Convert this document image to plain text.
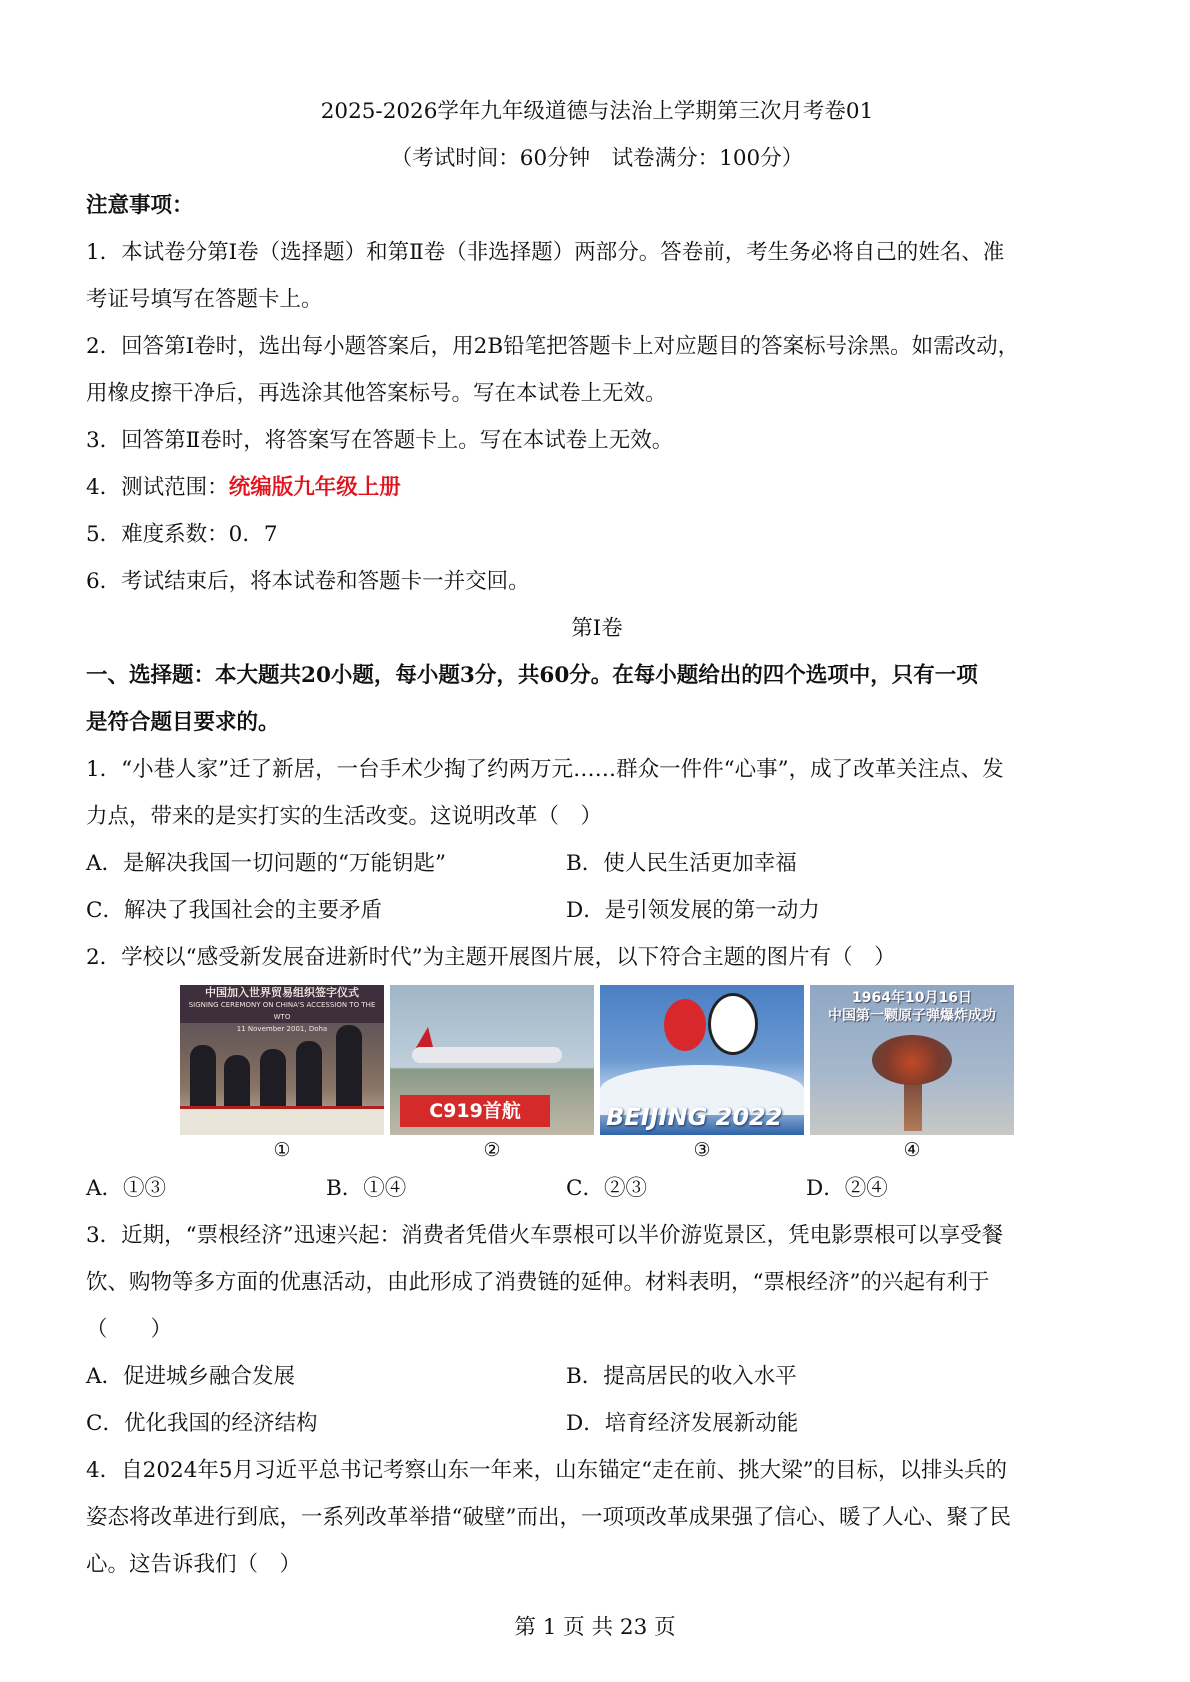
2025-2026学年九年级道德与法治上学期第三次月考卷01
（考试时间：60分钟　试卷满分：100分）
注意事项：
1．本试卷分第Ⅰ卷（选择题）和第Ⅱ卷（非选择题）两部分。答卷前，考生务必将自己的姓名、准
考证号填写在答题卡上。
2．回答第Ⅰ卷时，选出每小题答案后，用2B铅笔把答题卡上对应题目的答案标号涂黑。如需改动，
用橡皮擦干净后，再选涂其他答案标号。写在本试卷上无效。
3．回答第Ⅱ卷时，将答案写在答题卡上。写在本试卷上无效。
4．测试范围：统编版九年级上册
5．难度系数：0．7
6．考试结束后，将本试卷和答题卡一并交回。
第Ⅰ卷
一、选择题：本大题共20小题，每小题3分，共60分。在每小题给出的四个选项中，只有一项
是符合题目要求的。
1．“小巷人家”迁了新居，一台手术少掏了约两万元……群众一件件“心事”，成了改革关注点、发
力点，带来的是实打实的生活改变。这说明改革（　）
A．是解决我国一切问题的“万能钥匙”	B．使人民生活更加幸福
C．解决了我国社会的主要矛盾	D．是引领发展的第一动力
2．学校以“感受新发展奋进新时代”为主题开展图片展，以下符合主题的图片有（　）
中国加入世界贸易组织签字仪式
SIGNING CEREMONY ON CHINA'S ACCESSION TO THE WTO
11 November 2001, Doha
C919首航	BEIJING 2022
1964年10月16日
中国第一颗原子弹爆炸成功
①	②	③	④
A．①③	B．①④	C．②③	D．②④
3．近期，“票根经济”迅速兴起：消费者凭借火车票根可以半价游览景区，凭电影票根可以享受餐
饮、购物等多方面的优惠活动，由此形成了消费链的延伸。材料表明，“票根经济”的兴起有利于
（　　）
A．促进城乡融合发展	B．提高居民的收入水平
C．优化我国的经济结构	D．培育经济发展新动能
4．自2024年5月习近平总书记考察山东一年来，山东锚定“走在前、挑大梁”的目标，以排头兵的
姿态将改革进行到底，一系列改革举措“破壁”而出，一项项改革成果强了信心、暖了人心、聚了民
心。这告诉我们（　）
第 1 页 共 23 页
